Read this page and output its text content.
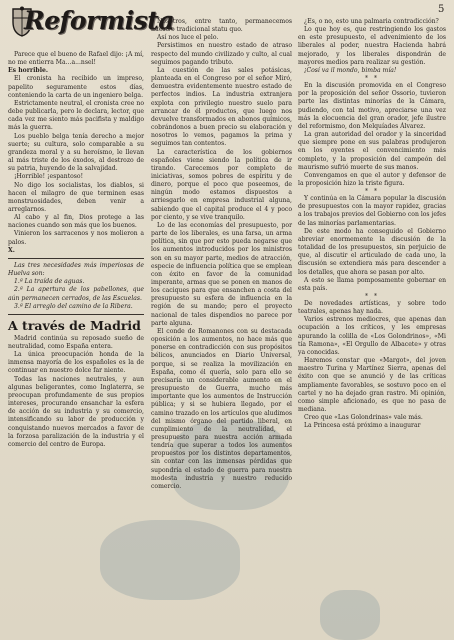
Reformista	5

Parece que el bueno de Rafael dijo: ¡A mí, no me entierra Ma...a...nsel!

Es horrible.

El cronista ha recibido un impreso, papelito seguramente estos días, conteniendo la carta de un ingeniero belga.

Estrictamente neutral, el cronista cree no debe publicarla, pero le declara, lector, que cada vez me siento más pacifista y maldigo más la guerra.

Los pueblo belga tenía derecho a mejor suerte; su cultura, solo comparable a su grandeza moral y a su heroísmo, le llevan al más triste de los éxodos, al destrozo de su patria, huyendo de la salvajidad.

¡Horrible! ¡espantoso!

No digo los socialistas, los diablos, si hacen el milagro de que terminen esas monstruosidades, deben venir a arreglarnos.

Al cabo y al fin, Dios protege a las naciones cuando son más que los buenos.

Vinieron los sarracenos y nos molieron a palos.

X.

Las tres necesidades más imperiosas de Huelva son:

1.ª La traída de aguas.

2.ª La apertura de los pabellones, que aún permanecen cerrados, de las Escuelas.

3.ª El arreglo del camino de la Ribera.

A través de Madrid

Madrid continúa su reposado sueño de neutralidad, como España entera.

La única preocupación honda de la inmensa mayoría de los españoles es la de continuar en nuestro dolce far niente.

Todas las naciones neutrales, y aun algunas beligerantes, como Inglaterra, se preocupan profundamente de sus propios intereses, procurando ensanchar la esfera de acción de su industria y su comercio, intensificando su labor de producción y conquistando nuevos mercados a favor de la forzosa paralización de la industria y el comercio del centro de Europa.

Nosotros, entre tanto, permanecemos nuestro tradicional statu quo.

Así nos luce el pelo.

Persistimos en nuestro estado de atraso respecto del mundo civilizado y culto, al cual seguimos pagando tributo.

La cuestión de las sales potásicas, planteada en el Congreso por el señor Miró, demuestra evidentemente nuestro estado de perfectos indios. La industria extranjera explota con privilegio nuestro suelo para arrancar de él productos, que luego nos devuelve transformados en abonos químicos, cobrándonos a buen precio su elaboración y nosotros lo vemos, pagamos la prima y seguimos tan contentos.

La característica de los gobiernos españoles viene siendo la política de ir tirando. Carecemos por completo de iniciativas, somos pobres de espíritu y de dinero, porque el poco que poseemos, de ningún modo estamos dispuestos a arriesgarlo en empresa industrial alguna, sabiendo que el capital produce el 4 y poco por ciento, y se vive tranquilo.

Lo de las economías del presupuesto, por parte de los liberales, es una farsa, un arma política, sin que por esto pueda negarse que los aumentos introducidos por los ministros son en su mayor parte, medios de atracción, especie de influencia política que se emplean con éxito en favor de la comunidad imperante, armas que se ponen en manos de los caciques para que ensanchen a costa del presupuesto su esfera de influencia en la región de su mando; pero el proyecto nacional de tales dispendios no parece por parte alguna.

El conde de Romanones con su destacada oposición a los aumentos, no hace más que ponerse en contradicción con sus propósitos bélicos, anunciados en Diario Universal, porque, si se realiza la movilización en España, como él quería, solo para ello se precisaría un considerable aumento en el presupuesto de Guerra, mucho más importante que los aumentos de Instrucción pública; y si se hubiera llegado, por el camino trazado en los artículos que aludimos del mismo órgano del partido liberal, en cumplimiento de la neutralidad, el presupuesto para nuestra acción armada tendría que superar a todos los aumentos propuestos por los distintos departamentos, sin contar con las inmensas pérdidas que supondría el estado de guerra para nuestra modesta industria y nuestro reducido comercio.

¿Es, o no, esto una palmaria contradicción?

Lo que hoy es, que restringiendo los gastos en este presupuesto, el advenimiento de los liberales al poder, nuestra Hacienda habrá mejorado, y los liberales dispondrán de mayores medios para realizar su gestión.

¡Cosí va il mondo, bimba mía!

* *

En la discusión promovida en el Congreso por la proposición del señor Ossorio, tuvieron parte las distintas minorías de la Cámara, pudiendo, con tal motivo, apreciarse una vez más la elocuencia del gran orador, jefe ilustre del reformismo, don Melquíades Álvarez.

La gran autoridad del orador y la sinceridad que siempre pone en sus palabras produjeron en los oyentes el convencimiento más completo, y la proposición del campeón del maurismo sufrió muerte de sus manos.

Convengamos en que el autor y defensor de la proposición hizo la triste figura.

* *

Y continúa en la Cámara popular la discusión de presupuestos con la mayor rapidez, gracias a los trabajos previos del Gobierno con los jefes de las minorías parlamentarias.

De este modo ha conseguido el Gobierno abreviar enormemente la discusión de la totalidad de los presupuestos, sin perjuicio de que, al discutir el articulado de cada uno, la discusión se extendiera más para descender a los detalles, que ahora se pasan por alto.

A esto se llama pomposamente gobernar en esta país.

* *

De novedades artísticas, y sobre todo teatrales, apenas hay nada.

Varios estrenos mediocres, que apenas dan ocupación a los críticos, y les empresas apurando la colilla de «Los Golondrinos», «Mi tía Ramona», «El Orgullo de Albacete» y otras ya conocidas.

Haremos constar que «Margot», del joven maestro Turina y Martínez Sierra, apenas del éxito con que se anunció y de las críticas ampliamente favorables, se sostuvo poco en el cartel y no ha dejado gran rastro. Mi opinión, como simple aficionado, es que no pasa de mediana.

Creo que «Las Golondrinas» vale más.

La Princesa está próximo a inaugurar
